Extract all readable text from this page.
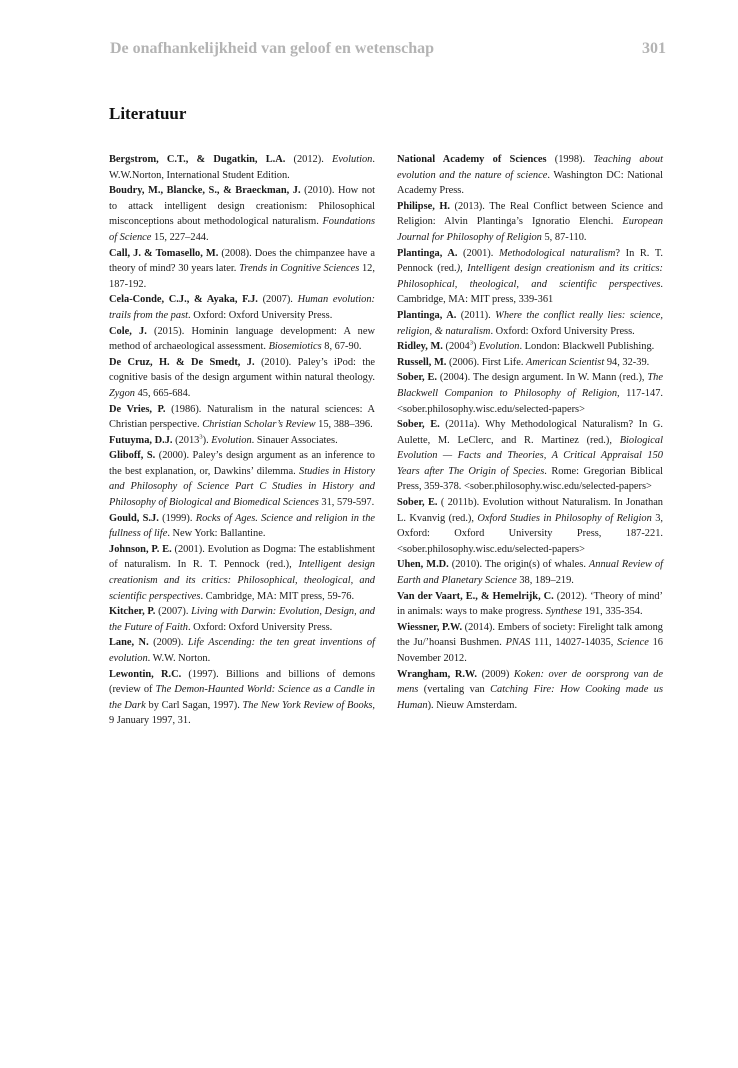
De onafhankelijkheid van geloof en wetenschap	301
Literatuur

Bergstrom, C.T., & Dugatkin, L.A. (2012). Evolution. W.W.Norton, International Student Edition.

Boudry, M., Blancke, S., & Braeckman, J. (2010). How not to attack intelligent design creationism: Philosophical misconceptions about methodological naturalism. Foundations of Science 15, 227–244.

Call, J. & Tomasello, M. (2008). Does the chimpanzee have a theory of mind? 30 years later. Trends in Cognitive Sciences 12, 187-192.

Cela-Conde, C.J., & Ayaka, F.J. (2007). Human evolution: trails from the past. Oxford: Oxford University Press.

Cole, J. (2015). Hominin language development: A new method of archaeological assessment. Biosemiotics 8, 67-90.

De Cruz, H. & De Smedt, J. (2010). Paley’s iPod: the cognitive basis of the design argument within natural theology. Zygon 45, 665-684.

De Vries, P. (1986). Naturalism in the natural sciences: A Christian perspective. Christian Scholar’s Review 15, 388–396.

Futuyma, D.J. (2013$^3$). Evolution. Sinauer Associates.

Gliboff, S. (2000). Paley’s design argument as an inference to the best explanation, or, Dawkins’ dilemma. Studies in History and Philosophy of Science Part C Studies in History and Philosophy of Biological and Biomedical Sciences 31, 579-597.

Gould, S.J. (1999). Rocks of Ages. Science and religion in the fullness of life. New York: Ballantine.

Johnson, P. E. (2001). Evolution as Dogma: The establishment of naturalism. In R. T. Pennock (red.), Intelligent design creationism and its critics: Philosophical, theological, and scientific perspectives. Cambridge, MA: MIT press, 59-76.

Kitcher, P. (2007). Living with Darwin: Evolution, Design, and the Future of Faith. Oxford: Oxford University Press.

Lane, N. (2009). Life Ascending: the ten great inventions of evolution. W.W. Norton.

Lewontin, R.C. (1997). Billions and billions of demons (review of The Demon-Haunted World: Science as a Candle in the Dark by Carl Sagan, 1997). The New York Review of Books, 9 January 1997, 31.

National Academy of Sciences (1998). Teaching about evolution and the nature of science. Washington DC: National Academy Press.

Philipse, H. (2013). The Real Conflict between Science and Religion: Alvin Plantinga’s Ignoratio Elenchi. European Journal for Philosophy of Religion 5, 87-110.

Plantinga, A. (2001). Methodological naturalism? In R. T. Pennock (red.), Intelligent design creationism and its critics: Philosophical, theological, and scientific perspectives. Cambridge, MA: MIT press, 339-361

Plantinga, A. (2011). Where the conflict really lies: science, religion, & naturalism. Oxford: Oxford University Press.

Ridley, M. (2004$^3$) Evolution. London: Blackwell Publishing.

Russell, M. (2006). First Life. American Scientist 94, 32-39.

Sober, E. (2004). The design argument. In W. Mann (red.), The Blackwell Companion to Philosophy of Religion, 117-147. <sober.philosophy.wisc.edu/selected-papers>

Sober, E. (2011a). Why Methodological Naturalism? In G. Aulette, M. LeClerc, and R. Martinez (red.), Biological Evolution — Facts and Theories, A Critical Appraisal 150 Years after The Origin of Species. Rome: Gregorian Biblical Press, 359-378. <sober.philosophy.wisc.edu/selected-papers>

Sober, E. ( 2011b). Evolution without Naturalism. In Jonathan L. Kvanvig (red.), Oxford Studies in Philosophy of Religion 3, Oxford: Oxford University Press, 187-221. <sober.philosophy.wisc.edu/selected-papers>

Uhen, M.D. (2010). The origin(s) of whales. Annual Review of Earth and Planetary Science 38, 189–219.

Van der Vaart, E., & Hemelrijk, C. (2012). ‘Theory of mind’ in animals: ways to make progress. Synthese 191, 335-354.

Wiessner, P.W. (2014). Embers of society: Firelight talk among the Ju/’hoansi Bushmen. PNAS 111, 14027-14035, Science 16 November 2012.

Wrangham, R.W. (2009) Koken: over de oorsprong van de mens (vertaling van Catching Fire: How Cooking made us Human). Nieuw Amsterdam.
